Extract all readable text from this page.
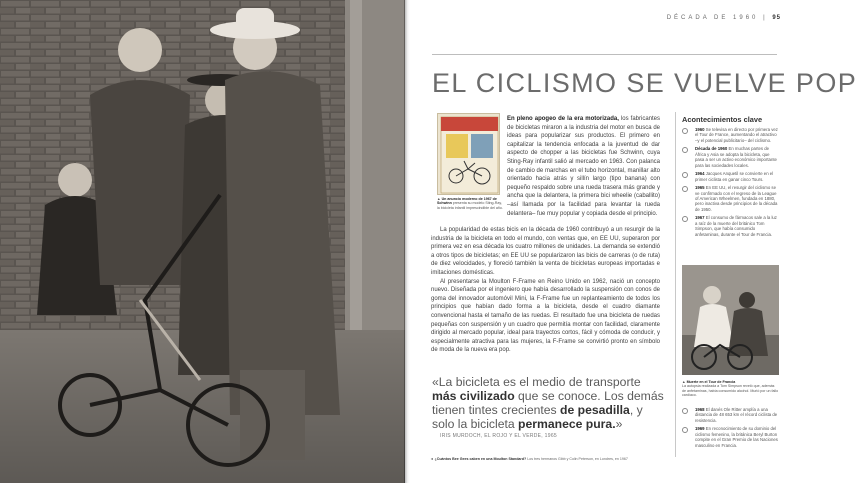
DÉCADA DE 1960 | 95
EL CICLISMO SE VUELVE POP
▲ Un anuncio moderno de 1967 de Schwinn presenta su modelo Sting-Ray, la bicicleta infantil imprescindible del año.

En pleno apogeo de la era motorizada, los fabricantes de bicicletas miraron a la industria del motor en busca de ideas para popularizar sus productos. El primero en capitalizar la tendencia enfocada a la juventud de dar aspecto de chopper a las bicicletas fue Schwinn, cuya Sting-Ray infantil salió al mercado en 1963. Con palanca de cambio de marchas en el tubo horizontal, manillar alto orientado hacia atrás y sillín largo (tipo banana) con pequeño respaldo sobre una rueda trasera más grande y ancha que la delantera, la primera bici wheelie (caballito) –así llamada por la facilidad para levantar la rueda delantera– fue muy popular y copiada desde el principio.

La popularidad de estas bicis en la década de 1960 contribuyó a un resurgir de la industria de la bicicleta en todo el mundo, con ventas que, en EE UU, superaron por primera vez en esa década los cuatro millones de unidades. La demanda se extendió a otros tipos de bicicletas; en EE UU se popularizaron las bicis de carreras (o de ruta) de diez velocidades, y floreció también la venta de bicicletas europeas importadas e imitaciones domésticas.

Al presentarse la Moulton F-Frame en Reino Unido en 1962, nació un concepto nuevo. Diseñada por el ingeniero que había desarrollado la suspensión con conos de goma del innovador automóvil Mini, la F-Frame fue un replanteamiento de todos los principios que habían dado forma a la bicicleta, desde el cuadro diamante convencional hasta el tamaño de las ruedas. El resultado fue una bicicleta de ruedas pequeñas con suspensión y un cuadro que permitía montar con facilidad, claramente dirigido al mercado popular, ideal para trayectos cortos, fácil y cómoda de conducir, y especialmente atractiva para las mujeres, la F-Frame se convirtió pronto en símbolo de moda de la nueva era pop.

«La bicicleta es el medio de transporte más civilizado que se conoce. Los demás tienen tintes crecientes de pesadilla, y solo la bicicleta permanece pura.»
IRIS MURDOCH, EL ROJO Y EL VERDE, 1965
◄ ¿Cuántos Bee Gees caben en una Moulton Standard? Los tres hermanos Gibb y Colin Peterson, en Londres, en 1967
Acontecimientos clave
1960 Se televisa en directo por primera vez el Tour de France, aumentando el atractivo –y el potencial publicitario– del ciclismo.
Década de 1960 En muchas partes de África y Asia se adopta la bicicleta, que pasa a ser un activo económico importante para las sociedades locales.
1964 Jacques Anquetil se convierte en el primer ciclista en ganar cinco Tours.
1965 En EE UU, el resurgir del ciclismo se ve confirmado con el regreso de la League of American Wheelmen, fundada en 1880, pero inactiva desde principios de la década de 1950.
1967 El consumo de fármacos sale a la luz a raíz de la muerte del británico Tom Simpson, que había consumido anfetaminas, durante el Tour de Francia.
▲ Muerte en el Tour de Francia
La autopsia realizada a Tom Simpson reveló que, además de anfetaminas, había consumido alcohol. Murió por un fallo cardíaco.
1968 El danés Ole Ritter amplía a una distancia de 48 653 km el récord ciclista de resistencia.
1969 En reconocimiento de su dominio del ciclismo femenino, la británica Beryl Burton compite en el Gran Premio de las Naciones masculino en Francia.
